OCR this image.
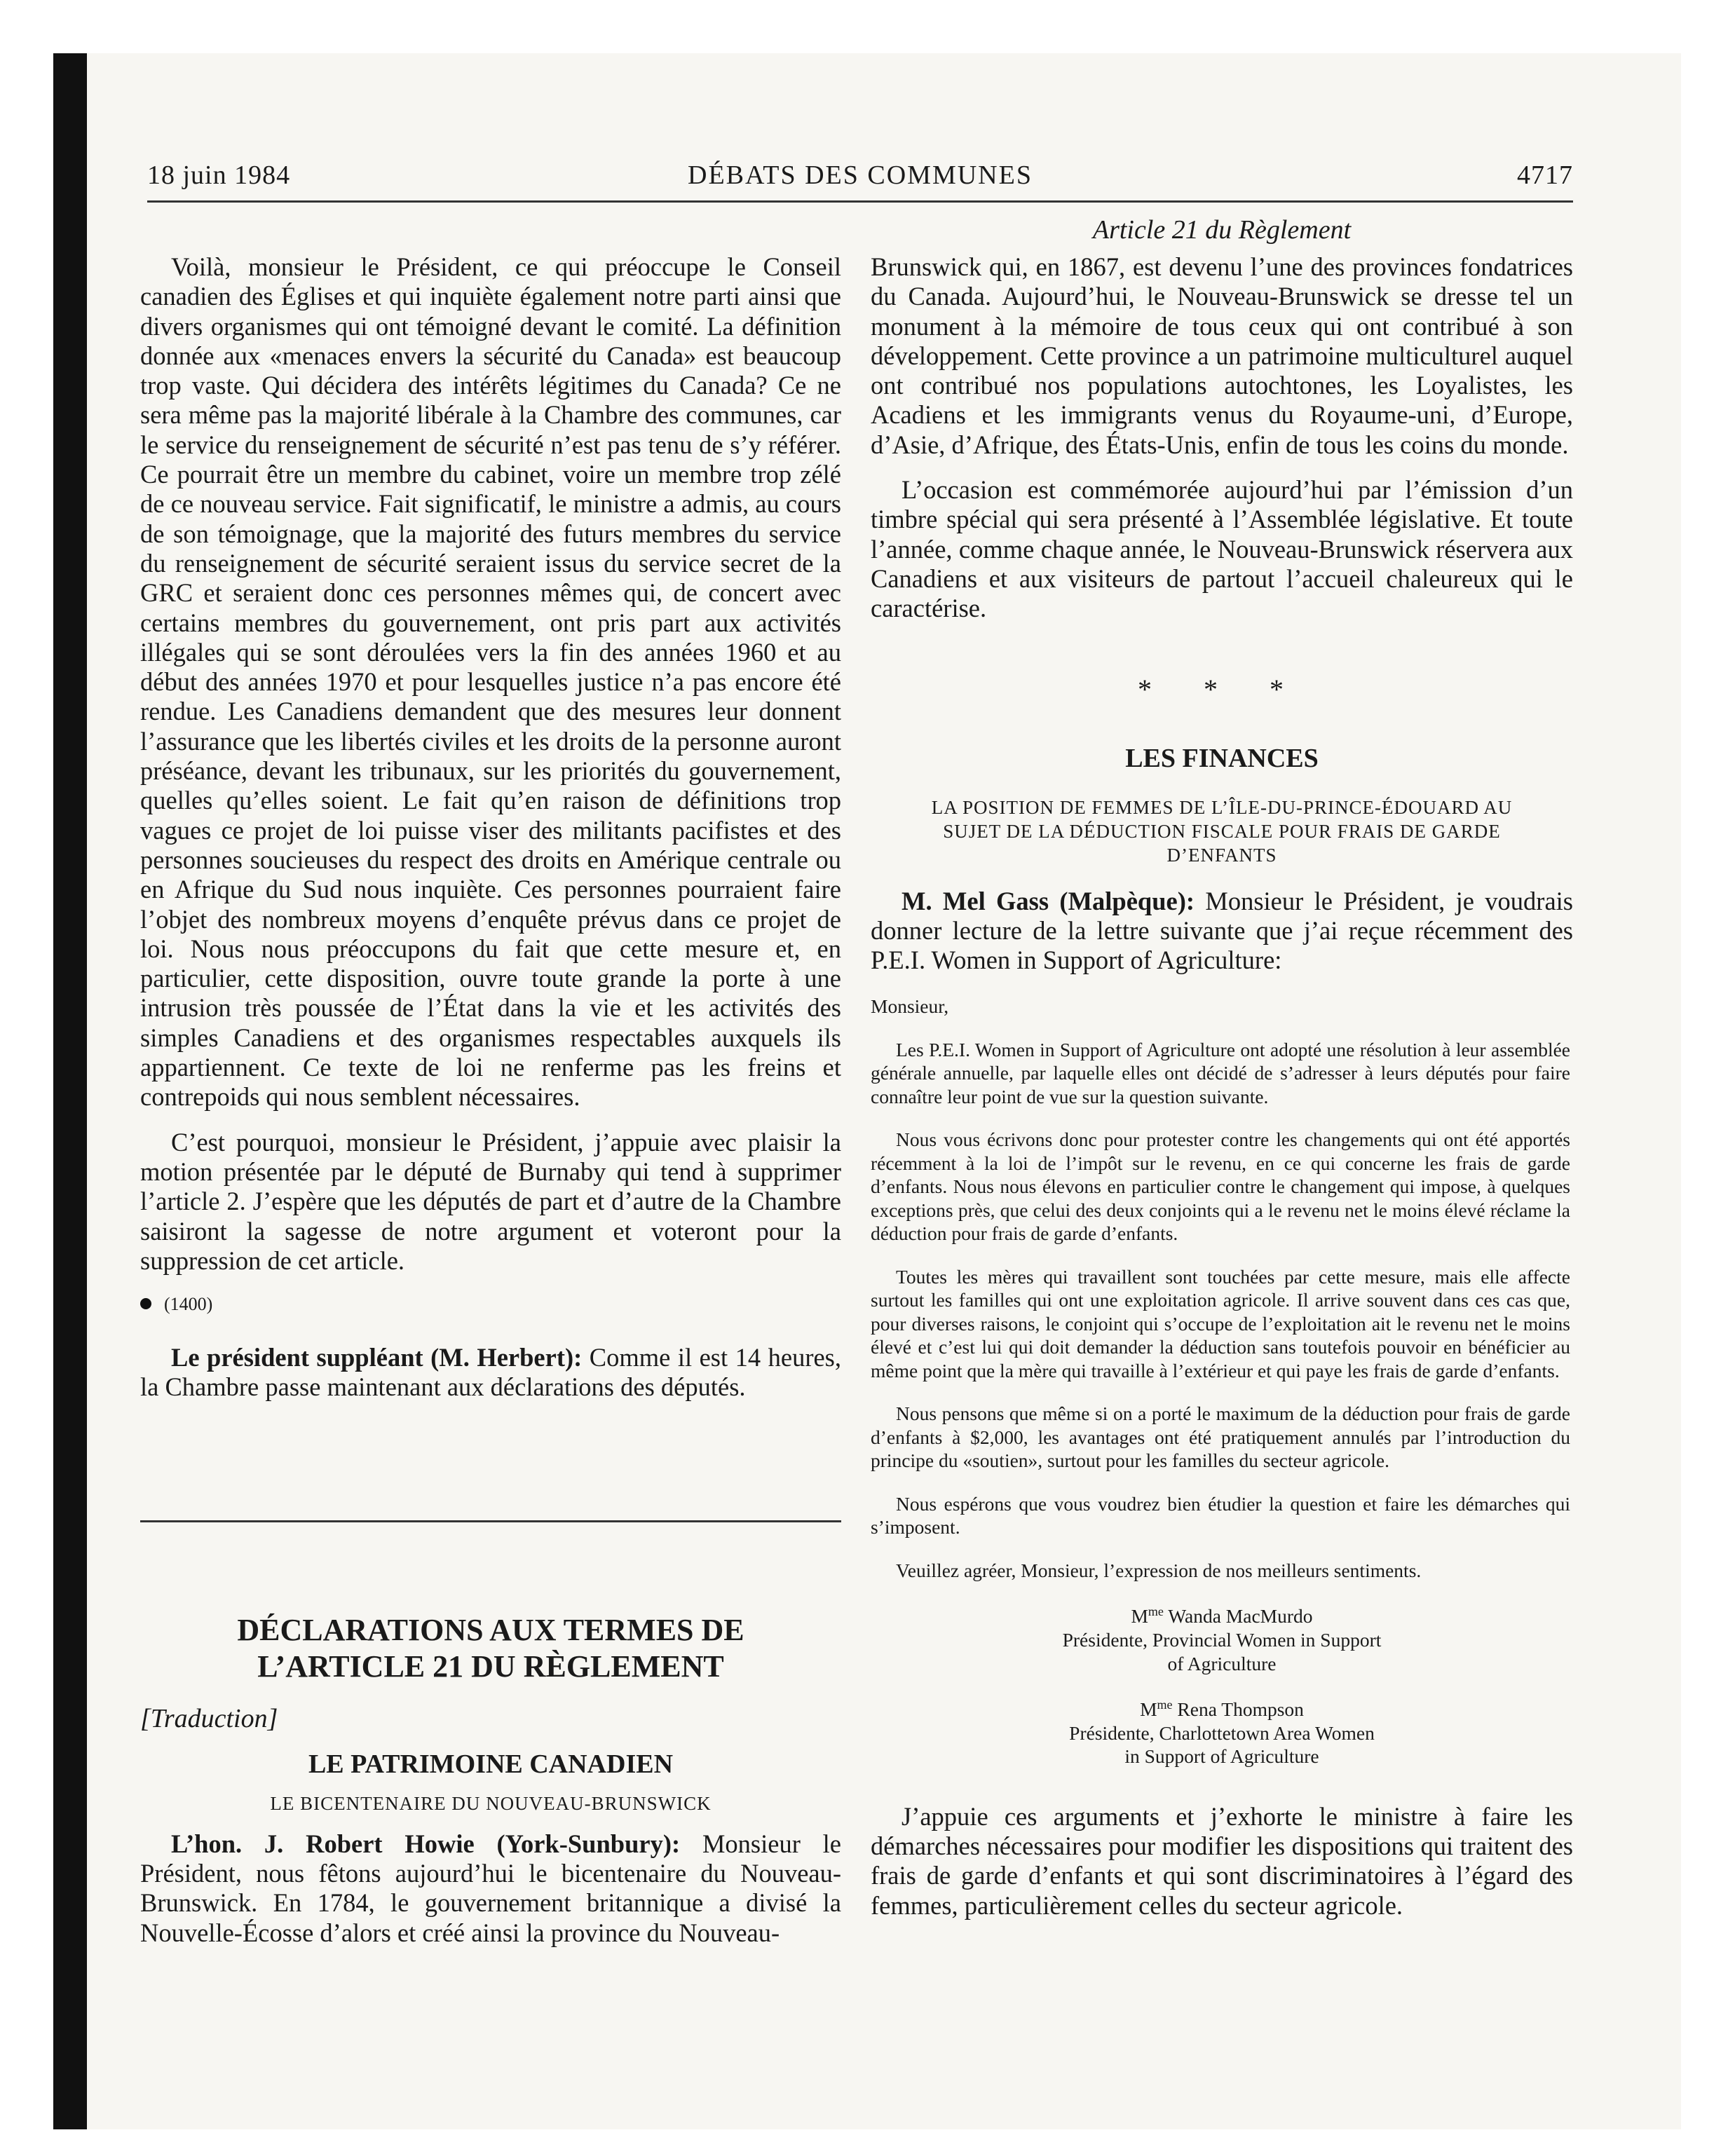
18 juin 1984	DÉBATS DES COMMUNES	4717
Article 21 du Règlement

Voilà, monsieur le Président, ce qui préoccupe le Conseil canadien des Églises et qui inquiète également notre parti ainsi que divers organismes qui ont témoigné devant le comité. La définition donnée aux «menaces envers la sécurité du Canada» est beaucoup trop vaste. Qui décidera des intérêts légitimes du Canada? Ce ne sera même pas la majorité libérale à la Chambre des communes, car le service du renseignement de sécurité n’est pas tenu de s’y référer. Ce pourrait être un membre du cabinet, voire un membre trop zélé de ce nouveau service. Fait significatif, le ministre a admis, au cours de son témoignage, que la majorité des futurs membres du service du renseignement de sécurité seraient issus du service secret de la GRC et seraient donc ces personnes mêmes qui, de concert avec certains membres du gouvernement, ont pris part aux activités illégales qui se sont déroulées vers la fin des années 1960 et au début des années 1970 et pour lesquelles justice n’a pas encore été rendue. Les Canadiens demandent que des mesures leur donnent l’assurance que les libertés civiles et les droits de la personne auront préséance, devant les tribunaux, sur les priorités du gouvernement, quelles qu’elles soient. Le fait qu’en raison de définitions trop vagues ce projet de loi puisse viser des militants pacifistes et des personnes soucieuses du respect des droits en Amérique centrale ou en Afrique du Sud nous inquiète. Ces personnes pourraient faire l’objet des nombreux moyens d’enquête prévus dans ce projet de loi. Nous nous préoccupons du fait que cette mesure et, en particulier, cette disposition, ouvre toute grande la porte à une intrusion très poussée de l’État dans la vie et les activités des simples Canadiens et des organismes respectables auxquels ils appartiennent. Ce texte de loi ne renferme pas les freins et contrepoids qui nous semblent nécessaires.

C’est pourquoi, monsieur le Président, j’appuie avec plaisir la motion présentée par le député de Burnaby qui tend à supprimer l’article 2. J’espère que les députés de part et d’autre de la Chambre saisiront la sagesse de notre argument et voteront pour la suppression de cet article.

(1400)

Le président suppléant (M. Herbert): Comme il est 14 heures, la Chambre passe maintenant aux déclarations des députés.

DÉCLARATIONS AUX TERMES DE
L’ARTICLE 21 DU RÈGLEMENT
[Traduction]
LE PATRIMOINE CANADIEN
LE BICENTENAIRE DU NOUVEAU-BRUNSWICK

L’hon. J. Robert Howie (York-Sunbury): Monsieur le Président, nous fêtons aujourd’hui le bicentenaire du Nouveau-Brunswick. En 1784, le gouvernement britannique a divisé la Nouvelle-Écosse d’alors et créé ainsi la province du Nouveau-

Brunswick qui, en 1867, est devenu l’une des provinces fondatrices du Canada. Aujourd’hui, le Nouveau-Brunswick se dresse tel un monument à la mémoire de tous ceux qui ont contribué à son développement. Cette province a un patrimoine multiculturel auquel ont contribué nos populations autochtones, les Loyalistes, les Acadiens et les immigrants venus du Royaume-uni, d’Europe, d’Asie, d’Afrique, des États-Unis, enfin de tous les coins du monde.

L’occasion est commémorée aujourd’hui par l’émission d’un timbre spécial qui sera présenté à l’Assemblée législative. Et toute l’année, comme chaque année, le Nouveau-Brunswick réservera aux Canadiens et aux visiteurs de partout l’accueil chaleureux qui le caractérise.

* * *
LES FINANCES
LA POSITION DE FEMMES DE L’ÎLE-DU-PRINCE-ÉDOUARD AU SUJET DE LA DÉDUCTION FISCALE POUR FRAIS DE GARDE D’ENFANTS

M. Mel Gass (Malpèque): Monsieur le Président, je voudrais donner lecture de la lettre suivante que j’ai reçue récemment des P.E.I. Women in Support of Agriculture:

Monsieur,

Les P.E.I. Women in Support of Agriculture ont adopté une résolution à leur assemblée générale annuelle, par laquelle elles ont décidé de s’adresser à leurs députés pour faire connaître leur point de vue sur la question suivante.

Nous vous écrivons donc pour protester contre les changements qui ont été apportés récemment à la loi de l’impôt sur le revenu, en ce qui concerne les frais de garde d’enfants. Nous nous élevons en particulier contre le changement qui impose, à quelques exceptions près, que celui des deux conjoints qui a le revenu net le moins élevé réclame la déduction pour frais de garde d’enfants.

Toutes les mères qui travaillent sont touchées par cette mesure, mais elle affecte surtout les familles qui ont une exploitation agricole. Il arrive souvent dans ces cas que, pour diverses raisons, le conjoint qui s’occupe de l’exploitation ait le revenu net le moins élevé et c’est lui qui doit demander la déduction sans toutefois pouvoir en bénéficier au même point que la mère qui travaille à l’extérieur et qui paye les frais de garde d’enfants.

Nous pensons que même si on a porté le maximum de la déduction pour frais de garde d’enfants à $2,000, les avantages ont été pratiquement annulés par l’introduction du principe du «soutien», surtout pour les familles du secteur agricole.

Nous espérons que vous voudrez bien étudier la question et faire les démarches qui s’imposent.

Veuillez agréer, Monsieur, l’expression de nos meilleurs sentiments.

$M^{me}$ Wanda MacMurdo
Présidente, Provincial Women in Support
of Agriculture
$M^{me}$ Rena Thompson
Présidente, Charlottetown Area Women
in Support of Agriculture

J’appuie ces arguments et j’exhorte le ministre à faire les démarches nécessaires pour modifier les dispositions qui traitent des frais de garde d’enfants et qui sont discriminatoires à l’égard des femmes, particulièrement celles du secteur agricole.
